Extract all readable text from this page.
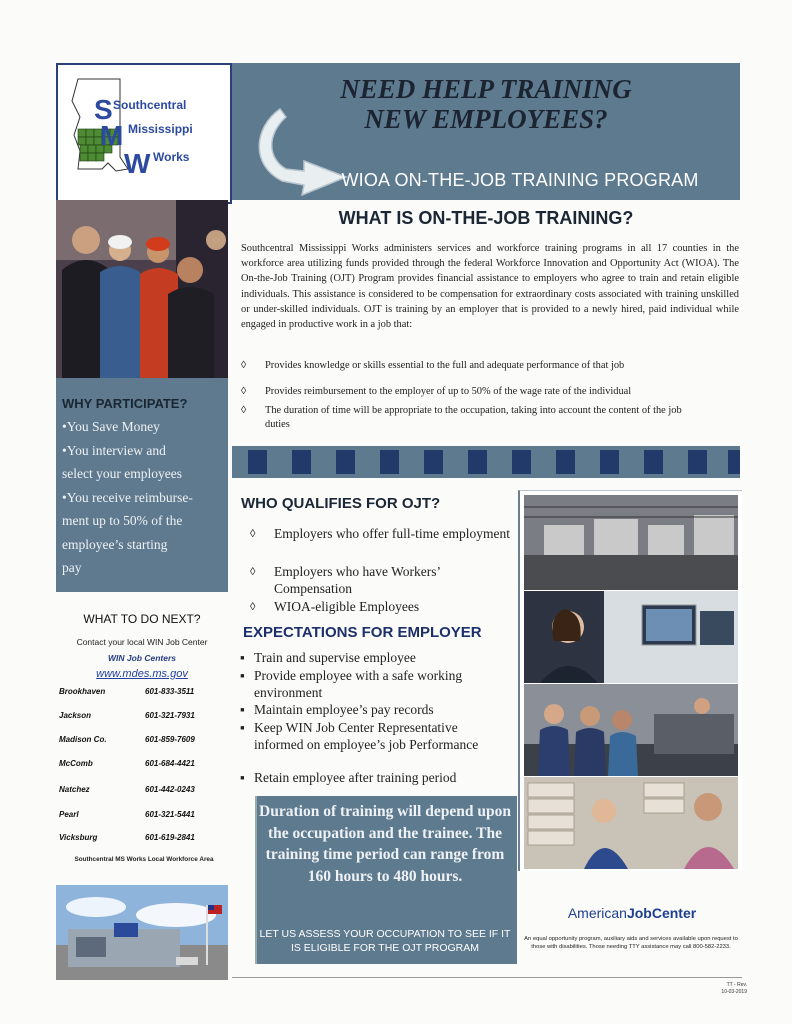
S
M
W
Southcentral
Mississippi
Works
NEED HELP TRAINING
NEW EMPLOYEES?
WIOA ON-THE-JOB TRAINING PROGRAM
WHY PARTICIPATE?
•You Save Money
•You interview and
select your employees
•You receive reimburse-
ment up to 50% of the
employee’s starting
pay
WHAT TO DO NEXT?
Contact your local WIN Job Center
WIN Job Centers
www.mdes.ms.gov
Brookhaven	601-833-3511
Jackson	601-321-7931
Madison Co.	601-859-7609
McComb	601-684-4421
Natchez	601-442-0243
Pearl	601-321-5441
Vicksburg	601-619-2841
Southcentral MS Works Local Workforce Area
WHAT IS ON-THE-JOB TRAINING?
Southcentral Mississippi Works administers services and workforce training programs in all 17 counties in the workforce area utilizing funds provided through the federal Workforce Innovation and Opportunity Act (WIOA). The On-the-Job Training (OJT) Program provides financial assistance to employers who agree to train and retain eligible individuals. This assistance is considered to be compensation for extraordinary costs associated with training unskilled or under-skilled individuals. OJT is training by an employer that is provided to a newly hired, paid individual while engaged in productive work in a job that:
◊ Provides knowledge or skills essential to the full and adequate performance of that job
◊ Provides reimbursement to the employer of up to 50% of the wage rate of the individual
◊ The duration of time will be appropriate to the occupation, taking into account the content of the job duties
WHO QUALIFIES FOR OJT?
◊ Employers who offer full-time employment
◊ Employers who have Workers’ Compensation
◊ WIOA-eligible Employees
EXPECTATIONS FOR EMPLOYER
▪ Train and supervise employee
▪ Provide employee with a safe working environment
▪ Maintain employee’s pay records
▪ Keep WIN Job Center Representative informed on employee’s job Performance
▪ Retain employee after training period
Duration of training will depend upon the occupation and the trainee. The training time period can range from 160 hours to 480 hours.
LET US ASSESS YOUR OCCUPATION TO SEE IF IT IS ELIGIBLE FOR THE OJT PROGRAM
AmericanJobCenter
An equal opportunity program, auxiliary aids and services available upon request to those with disabilities. Those needing TTY assistance may call 800-582-2233.
TT - Rev.
10-03-2019
